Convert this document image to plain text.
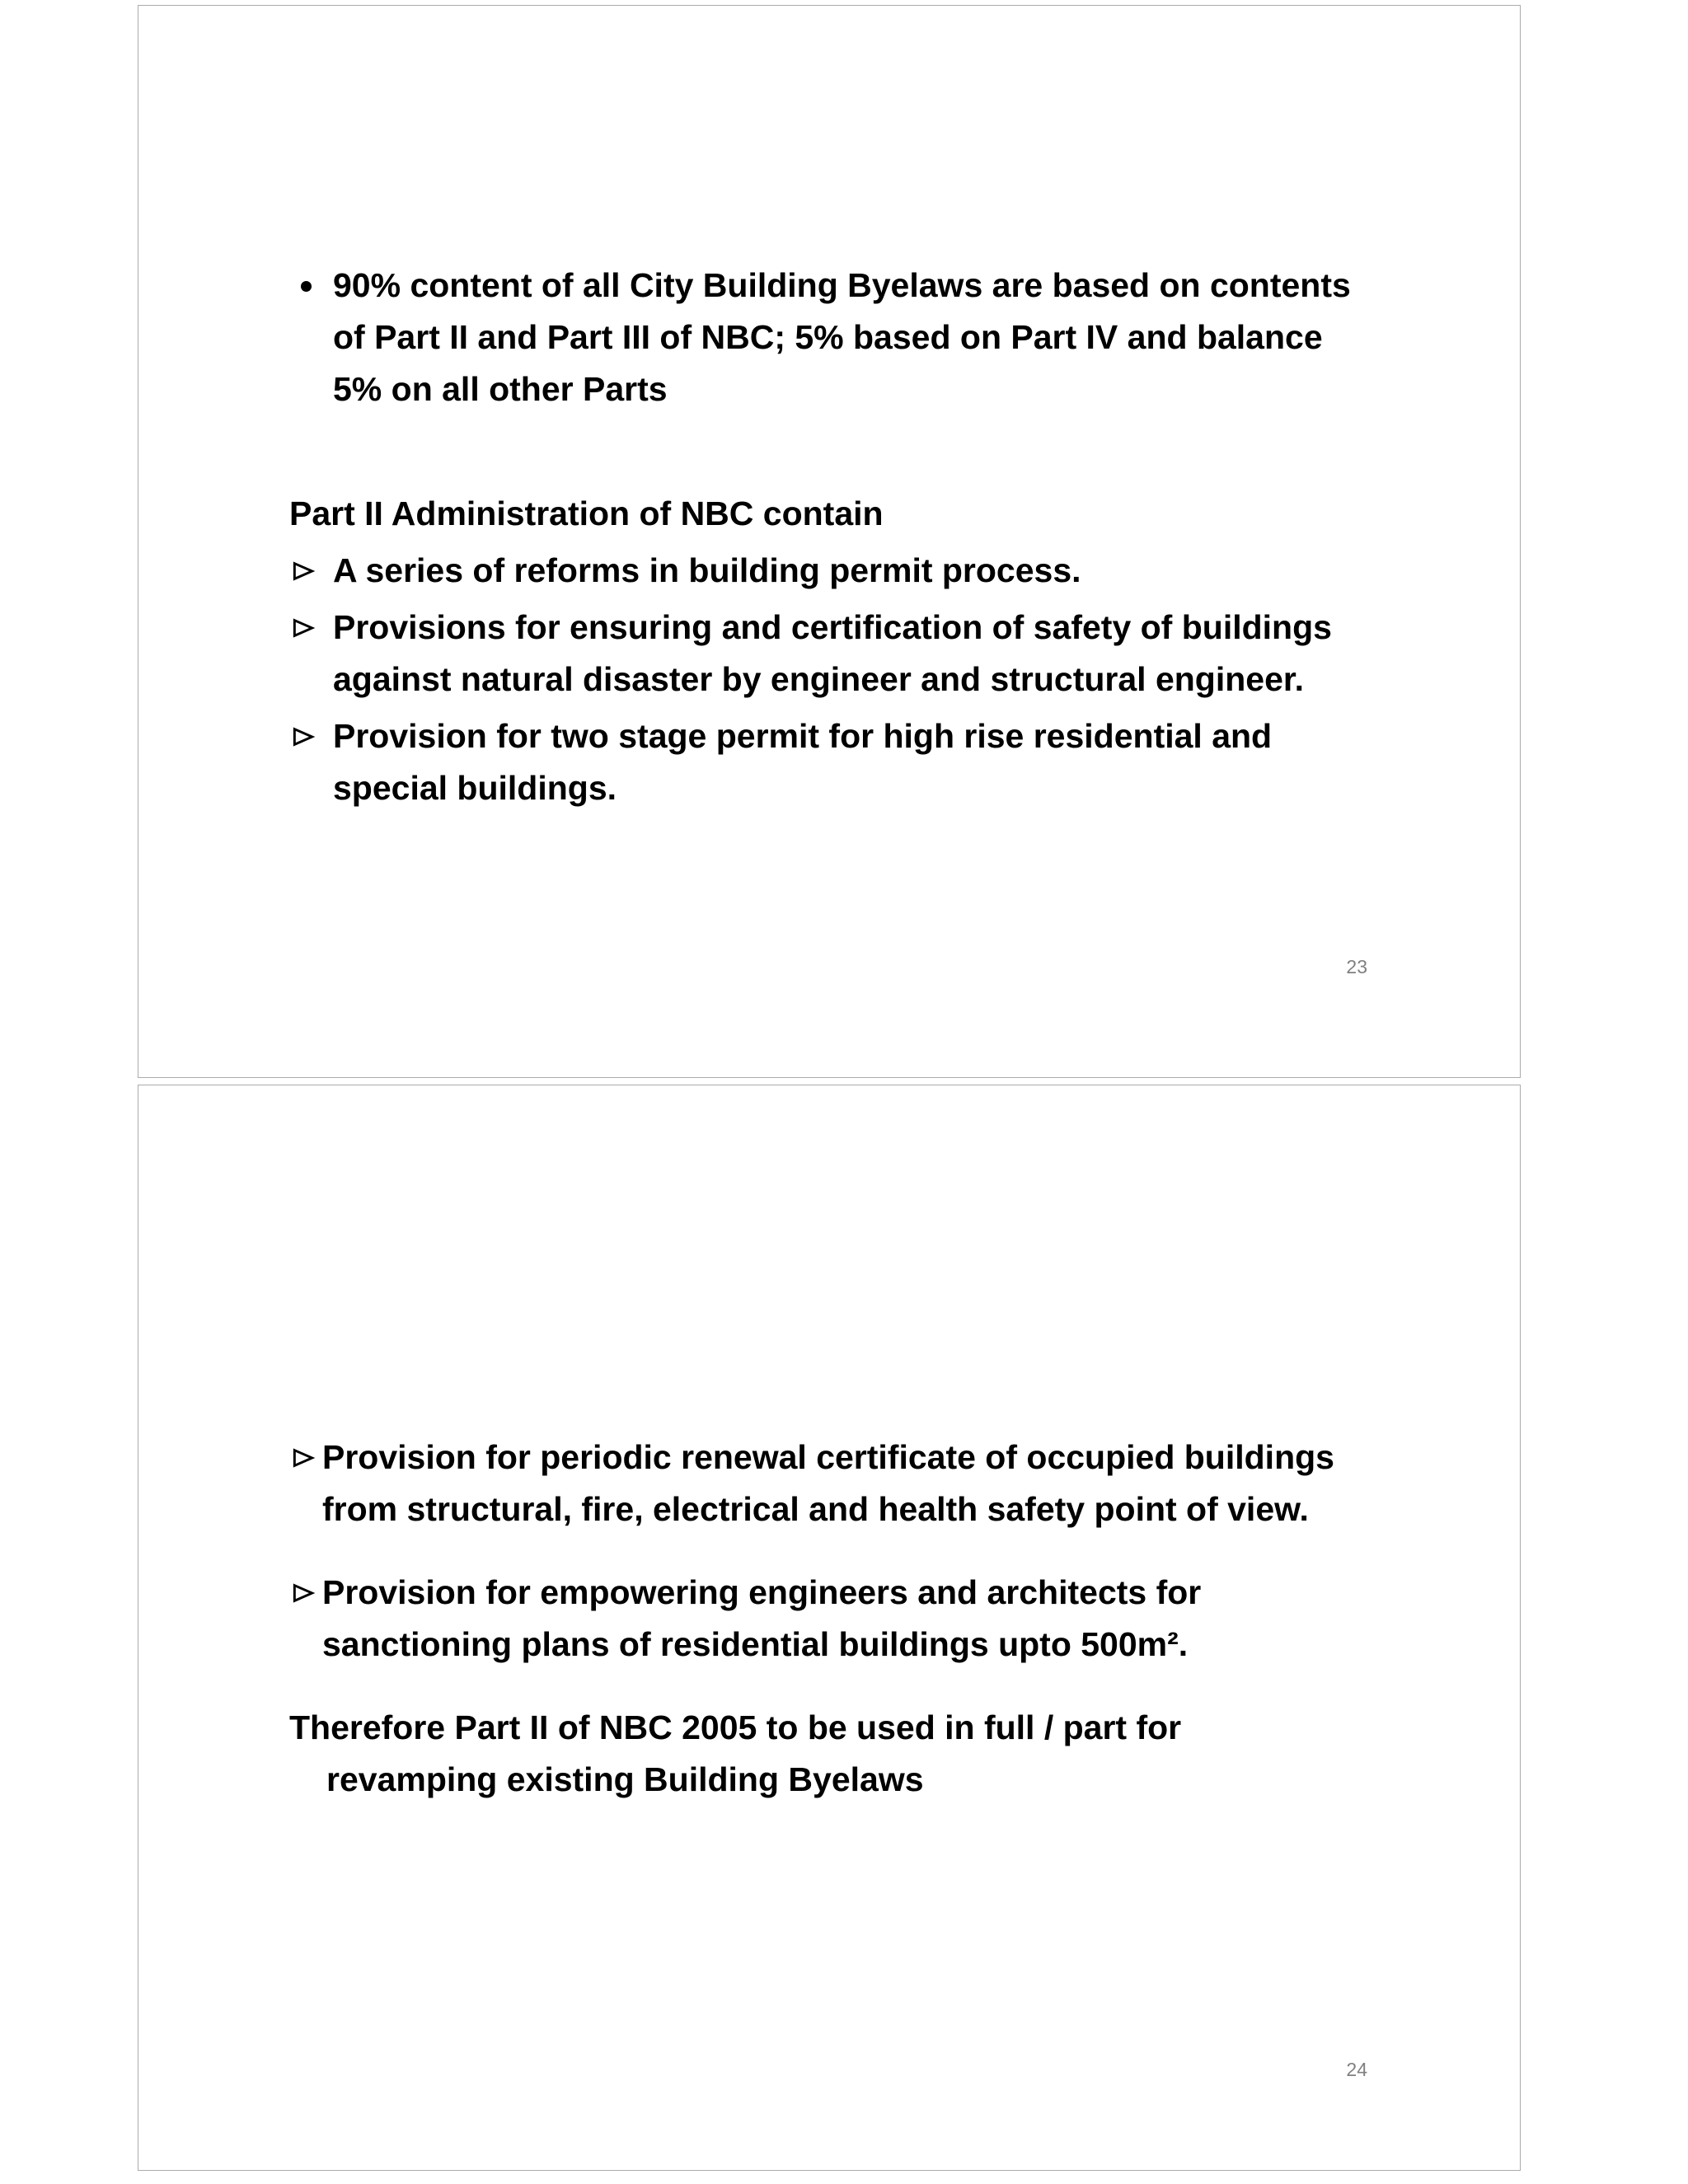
90% content of all City Building Byelaws are based on contents of Part II and Part III of NBC; 5% based on Part IV and balance 5% on all other Parts

Part II Administration of NBC contain

A series of reforms in building permit process.

Provisions for ensuring and certification of safety of buildings against natural disaster by engineer and structural engineer.

Provision for two stage permit for high rise residential and special buildings.

23

Provision for periodic renewal certificate of occupied buildings from structural, fire, electrical and health safety point of view.

Provision for empowering engineers and architects for sanctioning plans of residential buildings upto 500m².

Therefore Part II of NBC 2005 to be used in full / part for
revamping existing Building Byelaws

24
